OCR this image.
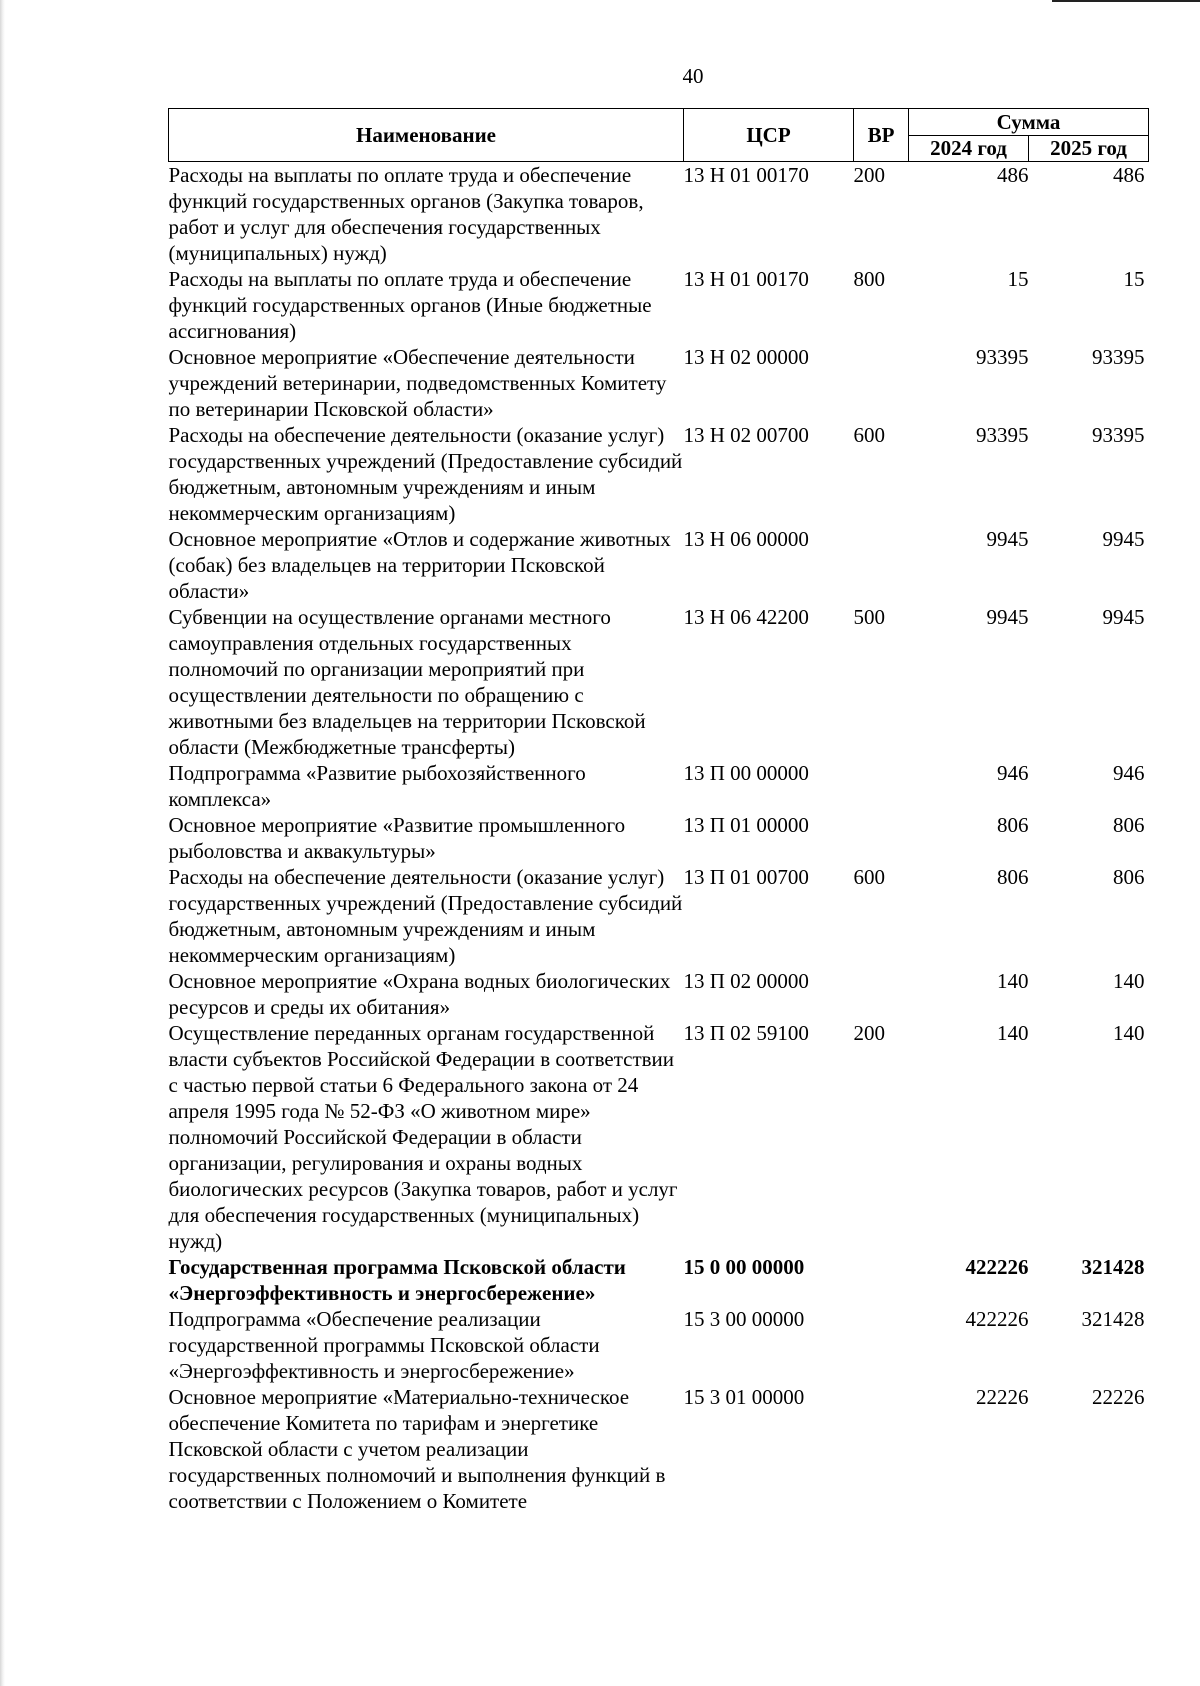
40
Наименование	ЦСР	ВР	Сумма	
			2024 год	2025 год
Расходы на выплаты по оплате труда и обеспечение функций государственных органов (Закупка товаров, работ и услуг для обеспечения государственных (муниципальных) нужд)	13 Н 01 00170	200	486	486
Расходы на выплаты по оплате труда и обеспечение функций государственных органов (Иные бюджетные ассигнования)	13 Н 01 00170	800	15	15
Основное мероприятие «Обеспечение деятельности учреждений ветеринарии, подведомственных Комитету по ветеринарии Псковской области»	13 Н 02 00000		93395	93395
Расходы на обеспечение деятельности (оказание услуг) государственных учреждений (Предоставление субсидий бюджетным, автономным учреждениям и иным некоммерческим организациям)	13 Н 02 00700	600	93395	93395
Основное мероприятие «Отлов и содержание животных (собак) без владельцев на территории Псковской области»	13 Н 06 00000		9945	9945
Субвенции на осуществление органами местного самоуправления отдельных государственных полномочий по организации мероприятий при осуществлении деятельности по обращению с животными без владельцев на территории Псковской области (Межбюджетные трансферты)	13 Н 06 42200	500	9945	9945
Подпрограмма «Развитие рыбохозяйственного комплекса»	13 П 00 00000		946	946
Основное мероприятие «Развитие промышленного рыболовства и аквакультуры»	13 П 01 00000		806	806
Расходы на обеспечение деятельности (оказание услуг) государственных учреждений (Предоставление субсидий бюджетным, автономным учреждениям и иным некоммерческим организациям)	13 П 01 00700	600	806	806
Основное мероприятие «Охрана водных биологических ресурсов и среды их обитания»	13 П 02 00000		140	140
Осуществление переданных органам государственной власти субъектов Российской Федерации в соответствии с частью первой статьи 6 Федерального закона от 24 апреля 1995 года № 52-ФЗ «О животном мире» полномочий Российской Федерации в области организации, регулирования и охраны водных биологических ресурсов (Закупка товаров, работ и услуг для обеспечения государственных (муниципальных) нужд)	13 П 02 59100	200	140	140
Государственная программа Псковской области «Энергоэффективность и энергосбережение»	15 0 00 00000		422226	321428
Подпрограмма «Обеспечение реализации государственной программы Псковской области «Энергоэффективность и энергосбережение»	15 3 00 00000		422226	321428
Основное мероприятие «Материально-техническое обеспечение Комитета по тарифам и энергетике Псковской области с учетом реализации государственных полномочий и выполнения функций в соответствии с Положением о Комитете	15 3 01 00000		22226	22226
